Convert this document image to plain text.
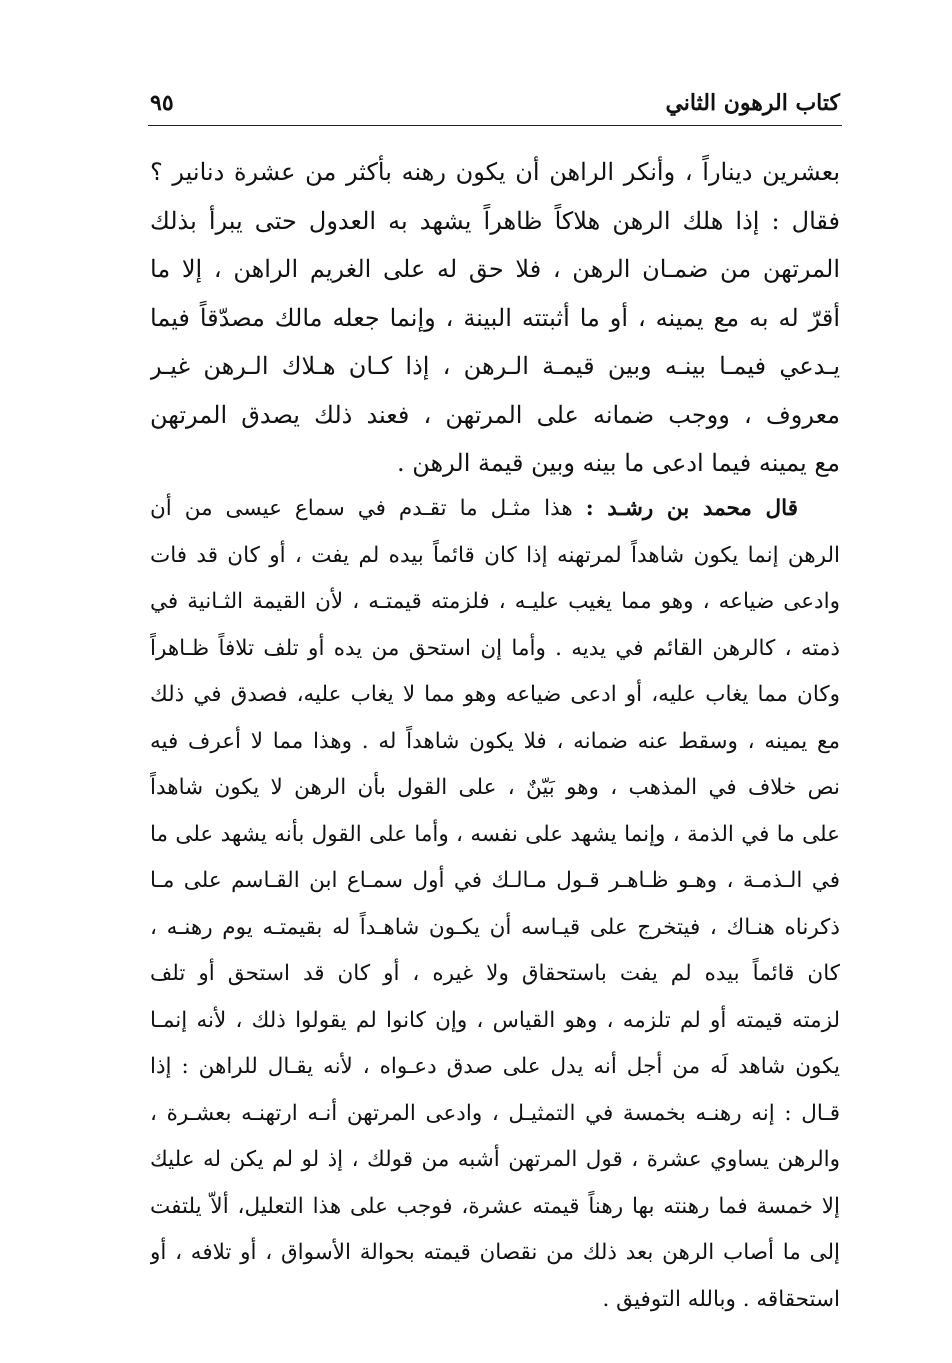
كتاب الرهون الثاني
٩٥
بعشرين ديناراً ، وأنكر الراهن أن يكون رهنه بأكثر من عشرة دنانير ؟
فقال : إذا هلك الرهن هلاكاً ظاهراً يشهد به العدول حتى يبرأ بذلك
المرتهن من ضمـان الرهن ، فلا حق له على الغريم الراهن ، إلا ما
أقرّ له به مع يمينه ، أو ما أثبتته البينة ، وإنما جعله مالك مصدّقاً فيما
يـدعي فيمـا بينـه وبين قيمـة الـرهن ، إذا كـان هـلاك الـرهن غيـر
معروف ، ووجب ضمانه على المرتهن ، فعند ذلك يصدق المرتهن
مع يمينه فيما ادعى ما بينه وبين قيمة الرهن .
قال محمد بن رشـد : هذا مثـل ما تقـدم في سماع عيسى من أن
الرهن إنما يكون شاهداً لمرتهنه إذا كان قائماً بيده لم يفت ، أو كان قد فات
وادعى ضياعه ، وهو مما يغيب عليـه ، فلزمته قيمتـه ، لأن القيمة الثـانية في
ذمته ، كالرهن القائم في يديه . وأما إن استحق من يده أو تلف تلافاً ظـاهراً
وكان مما يغاب عليه، أو ادعى ضياعه وهو مما لا يغاب عليه، فصدق في ذلك
مع يمينه ، وسقط عنه ضمانه ، فلا يكون شاهداً له . وهذا مما لا أعرف فيه
نص خلاف في المذهب ، وهو بَيّنٌ ، على القول بأن الرهن لا يكون شاهداً
على ما في الذمة ، وإنما يشهد على نفسه ، وأما على القول بأنه يشهد على ما
في الـذمـة ، وهـو ظـاهـر قـول مـالـك في أول سمـاع ابن القـاسم على مـا
ذكرناه هنـاك ، فيتخرج على قيـاسه أن يكـون شاهـداً له بقيمتـه يوم رهنـه ،
كان قائماً بيده لم يفت باستحقاق ولا غيره ، أو كان قد استحق أو تلف
لزمته قيمته أو لم تلزمه ، وهو القياس ، وإن كانوا لم يقولوا ذلك ، لأنه إنمـا
يكون شاهد لَه من أجل أنه يدل على صدق دعـواه ، لأنه يقـال للراهن : إذا
قـال : إنه رهنـه بخمسة في التمثيـل ، وادعى المرتهن أنـه ارتهنـه بعشـرة ،
والرهن يساوي عشرة ، قول المرتهن أشبه من قولك ، إذ لو لم يكن له عليك
إلا خمسة فما رهنته بها رهناً قيمته عشرة، فوجب على هذا التعليل، ألاّ يلتفت
إلى ما أصاب الرهن بعد ذلك من نقصان قيمته بحوالة الأسواق ، أو تلافه ، أو
استحقاقه . وبالله التوفيق .
